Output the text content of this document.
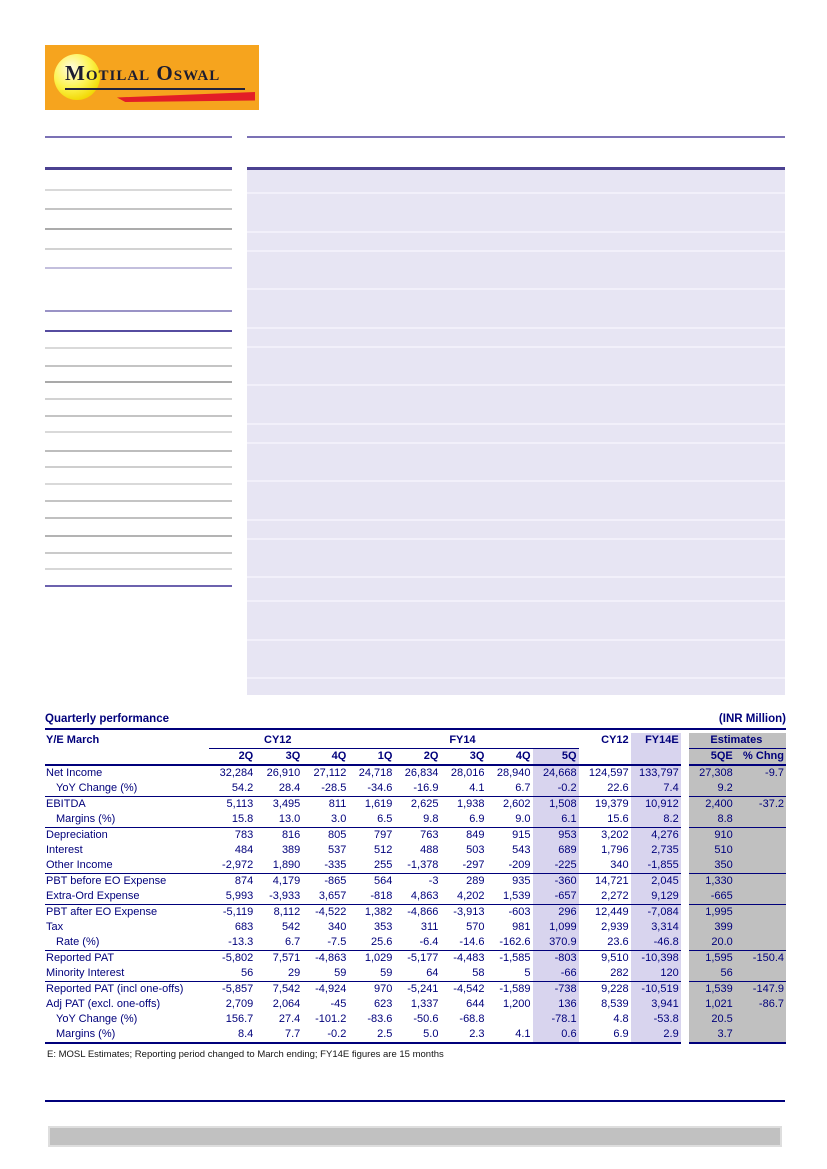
Motilal Oswal
Quarterly performance	(INR Million)
Y/E March	CY12			FY14					CY12	FY14E		Estimates	
	2Q	3Q	4Q	1Q	2Q	3Q	4Q	5Q				5QE	% Chng
Net Income	32,284	26,910	27,112	24,718	26,834	28,016	28,940	24,668	124,597	133,797		27,308	-9.7
YoY Change (%)	54.2	28.4	-28.5	-34.6	-16.9	4.1	6.7	-0.2	22.6	7.4		9.2	
EBITDA	5,113	3,495	811	1,619	2,625	1,938	2,602	1,508	19,379	10,912		2,400	-37.2
Margins (%)	15.8	13.0	3.0	6.5	9.8	6.9	9.0	6.1	15.6	8.2		8.8	
Depreciation	783	816	805	797	763	849	915	953	3,202	4,276		910	
Interest	484	389	537	512	488	503	543	689	1,796	2,735		510	
Other Income	-2,972	1,890	-335	255	-1,378	-297	-209	-225	340	-1,855		350	
PBT before EO Expense	874	4,179	-865	564	-3	289	935	-360	14,721	2,045		1,330	
Extra-Ord Expense	5,993	-3,933	3,657	-818	4,863	4,202	1,539	-657	2,272	9,129		-665	
PBT after EO Expense	-5,119	8,112	-4,522	1,382	-4,866	-3,913	-603	296	12,449	-7,084		1,995	
Tax	683	542	340	353	311	570	981	1,099	2,939	3,314		399	
Rate (%)	-13.3	6.7	-7.5	25.6	-6.4	-14.6	-162.6	370.9	23.6	-46.8		20.0	
Reported PAT	-5,802	7,571	-4,863	1,029	-5,177	-4,483	-1,585	-803	9,510	-10,398		1,595	-150.4
Minority Interest	56	29	59	59	64	58	5	-66	282	120		56	
Reported PAT (incl one-offs)	-5,857	7,542	-4,924	970	-5,241	-4,542	-1,589	-738	9,228	-10,519		1,539	-147.9
Adj PAT (excl. one-offs)	2,709	2,064	-45	623	1,337	644	1,200	136	8,539	3,941		1,021	-86.7
YoY Change (%)	156.7	27.4	-101.2	-83.6	-50.6	-68.8		-78.1	4.8	-53.8		20.5	
Margins (%)	8.4	7.7	-0.2	2.5	5.0	2.3	4.1	0.6	6.9	2.9		3.7	
E: MOSL Estimates; Reporting period changed to March ending; FY14E figures are 15 months
